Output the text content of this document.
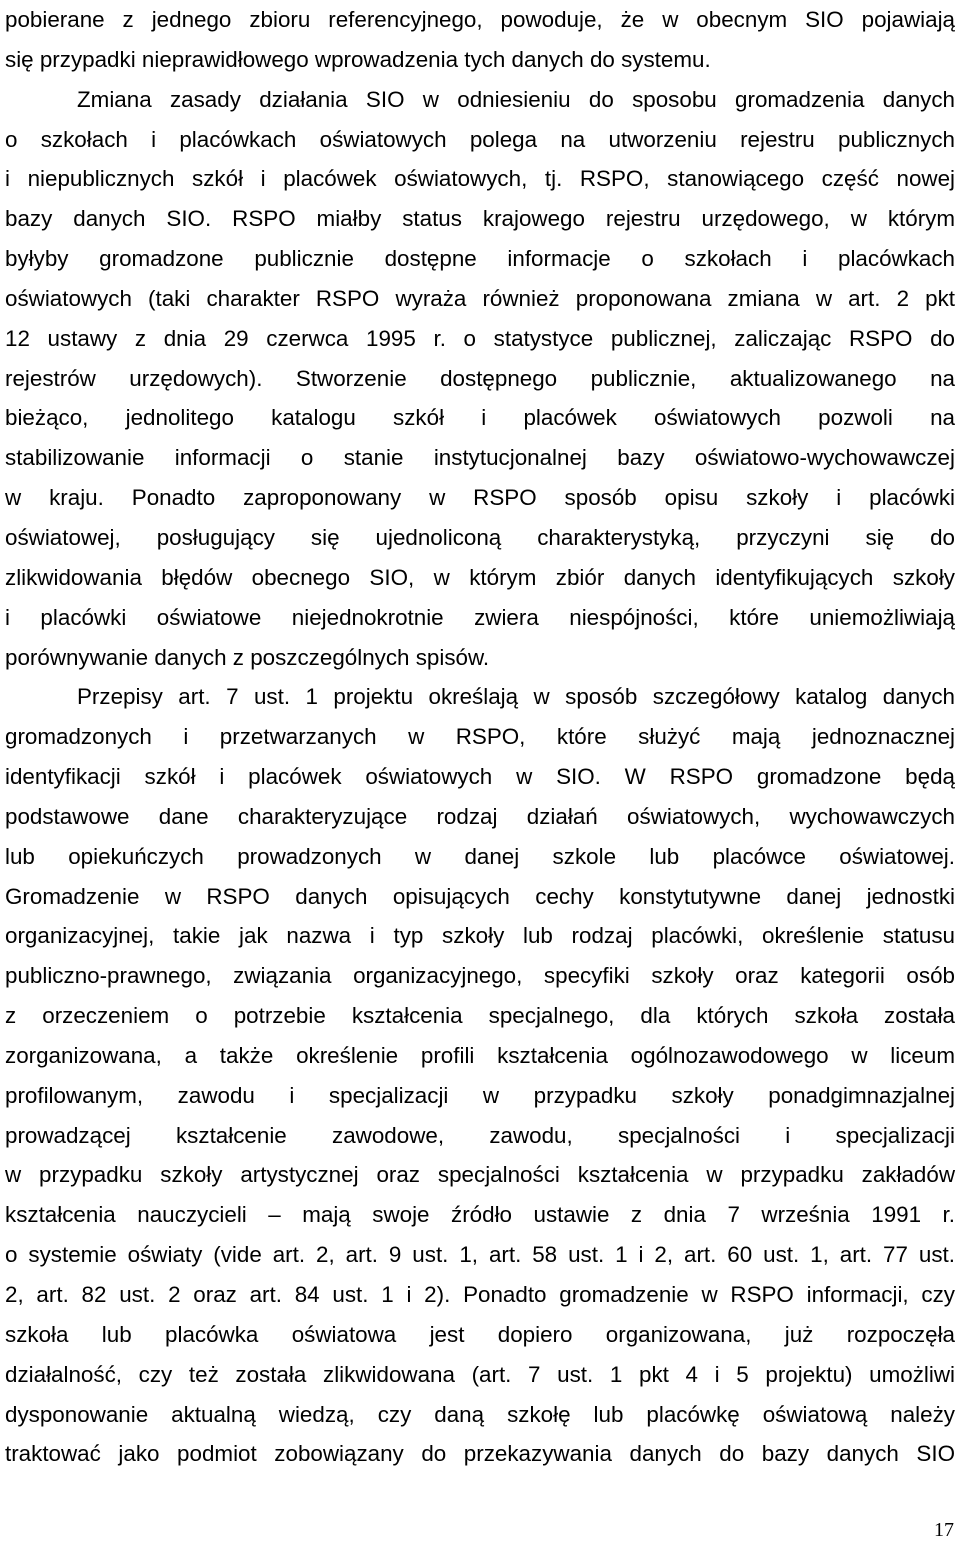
pobierane z jednego zbioru referencyjnego, powoduje, że w obecnym SIO pojawiają
się przypadki nieprawidłowego wprowadzenia tych danych do systemu.
Zmiana zasady działania SIO w odniesieniu do sposobu gromadzenia danych
o szkołach i placówkach oświatowych polega na utworzeniu rejestru publicznych
i niepublicznych szkół i placówek oświatowych, tj. RSPO, stanowiącego część nowej
bazy danych SIO. RSPO miałby status krajowego rejestru urzędowego, w którym
byłyby gromadzone publicznie dostępne informacje o szkołach i placówkach
oświatowych (taki charakter RSPO wyraża również proponowana zmiana w art. 2 pkt
12 ustawy z dnia 29 czerwca 1995 r. o statystyce publicznej, zaliczając RSPO do
rejestrów urzędowych). Stworzenie dostępnego publicznie, aktualizowanego na
bieżąco, jednolitego katalogu szkół i placówek oświatowych pozwoli na
stabilizowanie informacji o stanie instytucjonalnej bazy oświatowo-wychowawczej
w kraju. Ponadto zaproponowany w RSPO sposób opisu szkoły i placówki
oświatowej, posługujący się ujednoliconą charakterystyką, przyczyni się do
zlikwidowania błędów obecnego SIO, w którym zbiór danych identyfikujących szkoły
i placówki oświatowe niejednokrotnie zwiera niespójności, które uniemożliwiają
porównywanie danych z poszczególnych spisów.
Przepisy art. 7 ust. 1 projektu określają w sposób szczegółowy katalog danych
gromadzonych i przetwarzanych w RSPO, które służyć mają jednoznacznej
identyfikacji szkół i placówek oświatowych w SIO. W RSPO gromadzone będą
podstawowe dane charakteryzujące rodzaj działań oświatowych, wychowawczych
lub opiekuńczych prowadzonych w danej szkole lub placówce oświatowej.
Gromadzenie w RSPO danych opisujących cechy konstytutywne danej jednostki
organizacyjnej, takie jak nazwa i typ szkoły lub rodzaj placówki, określenie statusu
publiczno-prawnego, związania organizacyjnego, specyfiki szkoły oraz kategorii osób
z orzeczeniem o potrzebie kształcenia specjalnego, dla których szkoła została
zorganizowana, a także określenie profili kształcenia ogólnozawodowego w liceum
profilowanym, zawodu i specjalizacji w przypadku szkoły ponadgimnazjalnej
prowadzącej kształcenie zawodowe, zawodu, specjalności i specjalizacji
w przypadku szkoły artystycznej oraz specjalności kształcenia w przypadku zakładów
kształcenia nauczycieli – mają swoje źródło ustawie z dnia 7 września 1991 r.
o systemie oświaty (vide art. 2, art. 9 ust. 1, art. 58 ust. 1 i 2, art. 60 ust. 1, art. 77 ust.
2, art. 82 ust. 2 oraz art. 84 ust. 1 i 2). Ponadto gromadzenie w RSPO informacji, czy
szkoła lub placówka oświatowa jest dopiero organizowana, już rozpoczęła
działalność, czy też została zlikwidowana (art. 7 ust. 1 pkt 4 i 5 projektu) umożliwi
dysponowanie aktualną wiedzą, czy daną szkołę lub placówkę oświatową należy
traktować jako podmiot zobowiązany do przekazywania danych do bazy danych SIO
17
